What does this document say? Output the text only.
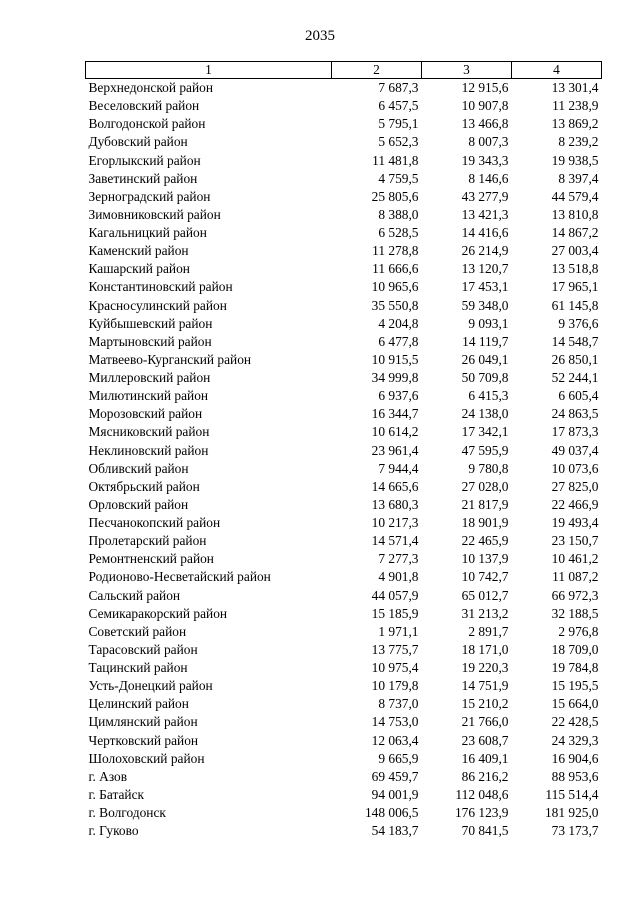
2035
1	2	3	4
Верхнедонской район	7 687,3	12 915,6	13 301,4
Веселовский район	6 457,5	10 907,8	11 238,9
Волгодонской район	5 795,1	13 466,8	13 869,2
Дубовский район	5 652,3	8 007,3	8 239,2
Егорлыкский район	11 481,8	19 343,3	19 938,5
Заветинский район	4 759,5	8 146,6	8 397,4
Зерноградский район	25 805,6	43 277,9	44 579,4
Зимовниковский район	8 388,0	13 421,3	13 810,8
Кагальницкий район	6 528,5	14 416,6	14 867,2
Каменский район	11 278,8	26 214,9	27 003,4
Кашарский район	11 666,6	13 120,7	13 518,8
Константиновский район	10 965,6	17 453,1	17 965,1
Красносулинский район	35 550,8	59 348,0	61 145,8
Куйбышевский район	4 204,8	9 093,1	9 376,6
Мартыновский район	6 477,8	14 119,7	14 548,7
Матвеево-Курганский район	10 915,5	26 049,1	26 850,1
Миллеровский район	34 999,8	50 709,8	52 244,1
Милютинский район	6 937,6	6 415,3	6 605,4
Морозовский район	16 344,7	24 138,0	24 863,5
Мясниковский район	10 614,2	17 342,1	17 873,3
Неклиновский район	23 961,4	47 595,9	49 037,4
Обливский район	7 944,4	9 780,8	10 073,6
Октябрьский район	14 665,6	27 028,0	27 825,0
Орловский район	13 680,3	21 817,9	22 466,9
Песчанокопский район	10 217,3	18 901,9	19 493,4
Пролетарский район	14 571,4	22 465,9	23 150,7
Ремонтненский район	7 277,3	10 137,9	10 461,2
Родионово-Несветайский район	4 901,8	10 742,7	11 087,2
Сальский район	44 057,9	65 012,7	66 972,3
Семикаракорский район	15 185,9	31 213,2	32 188,5
Советский район	1 971,1	2 891,7	2 976,8
Тарасовский район	13 775,7	18 171,0	18 709,0
Тацинский район	10 975,4	19 220,3	19 784,8
Усть-Донецкий район	10 179,8	14 751,9	15 195,5
Целинский район	8 737,0	15 210,2	15 664,0
Цимлянский район	14 753,0	21 766,0	22 428,5
Чертковский район	12 063,4	23 608,7	24 329,3
Шолоховский район	9 665,9	16 409,1	16 904,6
г. Азов	69 459,7	86 216,2	88 953,6
г. Батайск	94 001,9	112 048,6	115 514,4
г. Волгодонск	148 006,5	176 123,9	181 925,0
г. Гуково	54 183,7	70 841,5	73 173,7
